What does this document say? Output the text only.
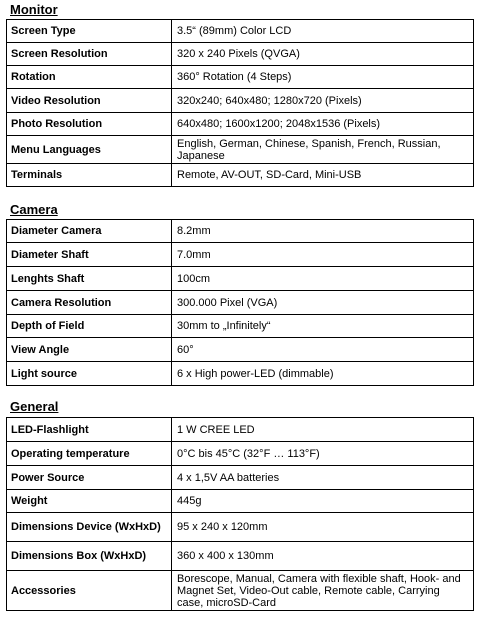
Monitor
Screen Type	3.5“ (89mm) Color LCD
Screen Resolution	320 x 240 Pixels (QVGA)
Rotation	360° Rotation (4 Steps)
Video Resolution	320x240; 640x480; 1280x720 (Pixels)
Photo Resolution	640x480; 1600x1200; 2048x1536 (Pixels)
Menu Languages	English, German, Chinese, Spanish, French, Russian, Japanese
Terminals	Remote, AV-OUT, SD-Card, Mini-USB
Camera
Diameter Camera	8.2mm
Diameter Shaft	7.0mm
Lenghts Shaft	100cm
Camera Resolution	300.000 Pixel (VGA)
Depth of Field	30mm to „Infinitely“
View Angle	60°
Light source	6 x High power-LED (dimmable)
General
LED-Flashlight	1 W CREE LED
Operating temperature	0°C bis 45°C (32°F … 113°F)
Power Source	4 x 1,5V AA batteries
Weight	445g
Dimensions Device (WxHxD)	95 x 240 x 120mm
Dimensions Box (WxHxD)	360 x 400 x 130mm
Accessories	Borescope, Manual, Camera with flexible shaft, Hook- and Magnet Set, Video-Out cable, Remote cable, Carrying case, microSD-Card
